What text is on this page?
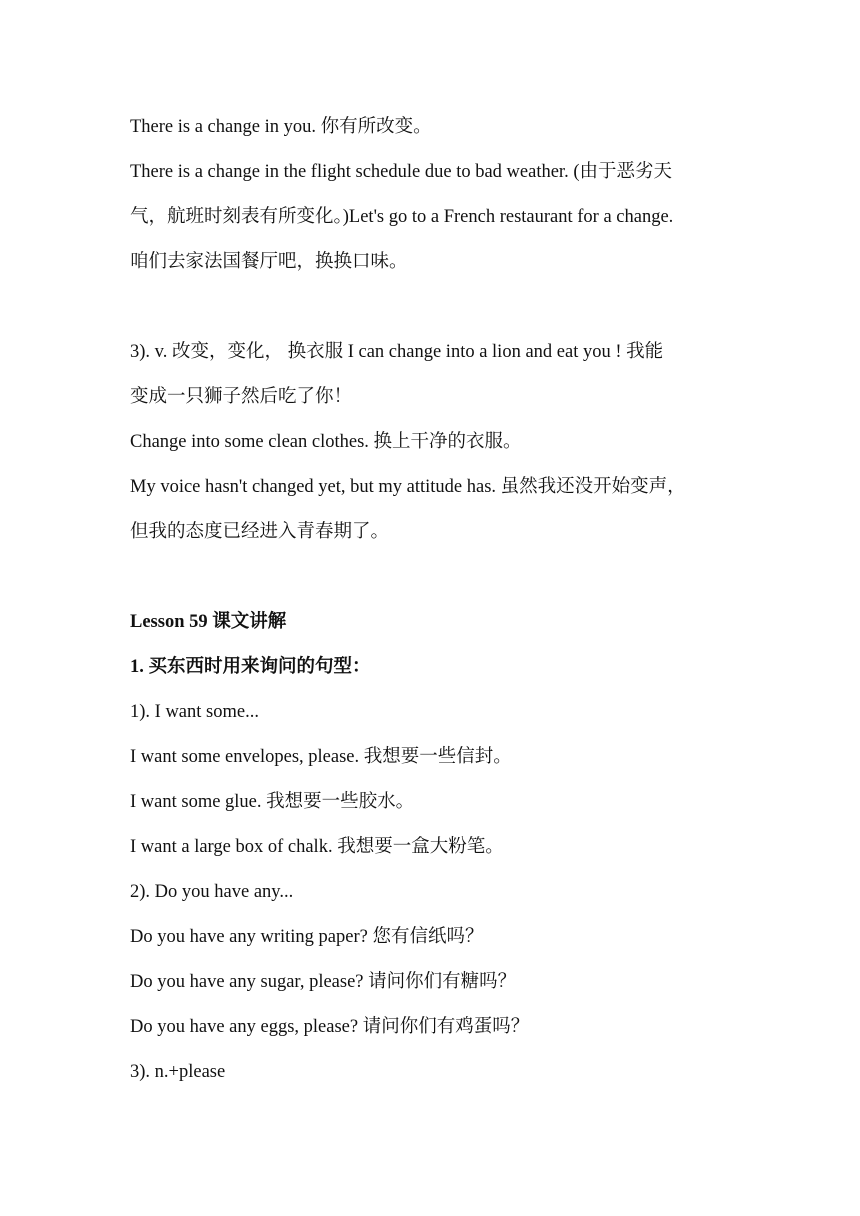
There is a change in you. 你有所改变。
There is a change in the flight schedule due to bad weather. (由于恶劣天
气，航班时刻表有所变化。)Let's go to a French restaurant for a change.
咱们去家法国餐厅吧，换换口味。
3). v. 改变，变化， 换衣服 I can change into a lion and eat you ! 我能
变成一只狮子然后吃了你！
Change into some clean clothes. 换上干净的衣服。
My voice hasn't changed yet, but my attitude has. 虽然我还没开始变声，
但我的态度已经进入青春期了。
Lesson 59 课文讲解
1. 买东西时用来询问的句型：
1). I want some...
I want some envelopes, please. 我想要一些信封。
I want some glue. 我想要一些胶水。
I want a large box of chalk. 我想要一盒大粉笔。
2). Do you have any...
Do you have any writing paper? 您有信纸吗？
Do you have any sugar, please? 请问你们有糖吗？
Do you have any eggs, please? 请问你们有鸡蛋吗？
3). n.+please
